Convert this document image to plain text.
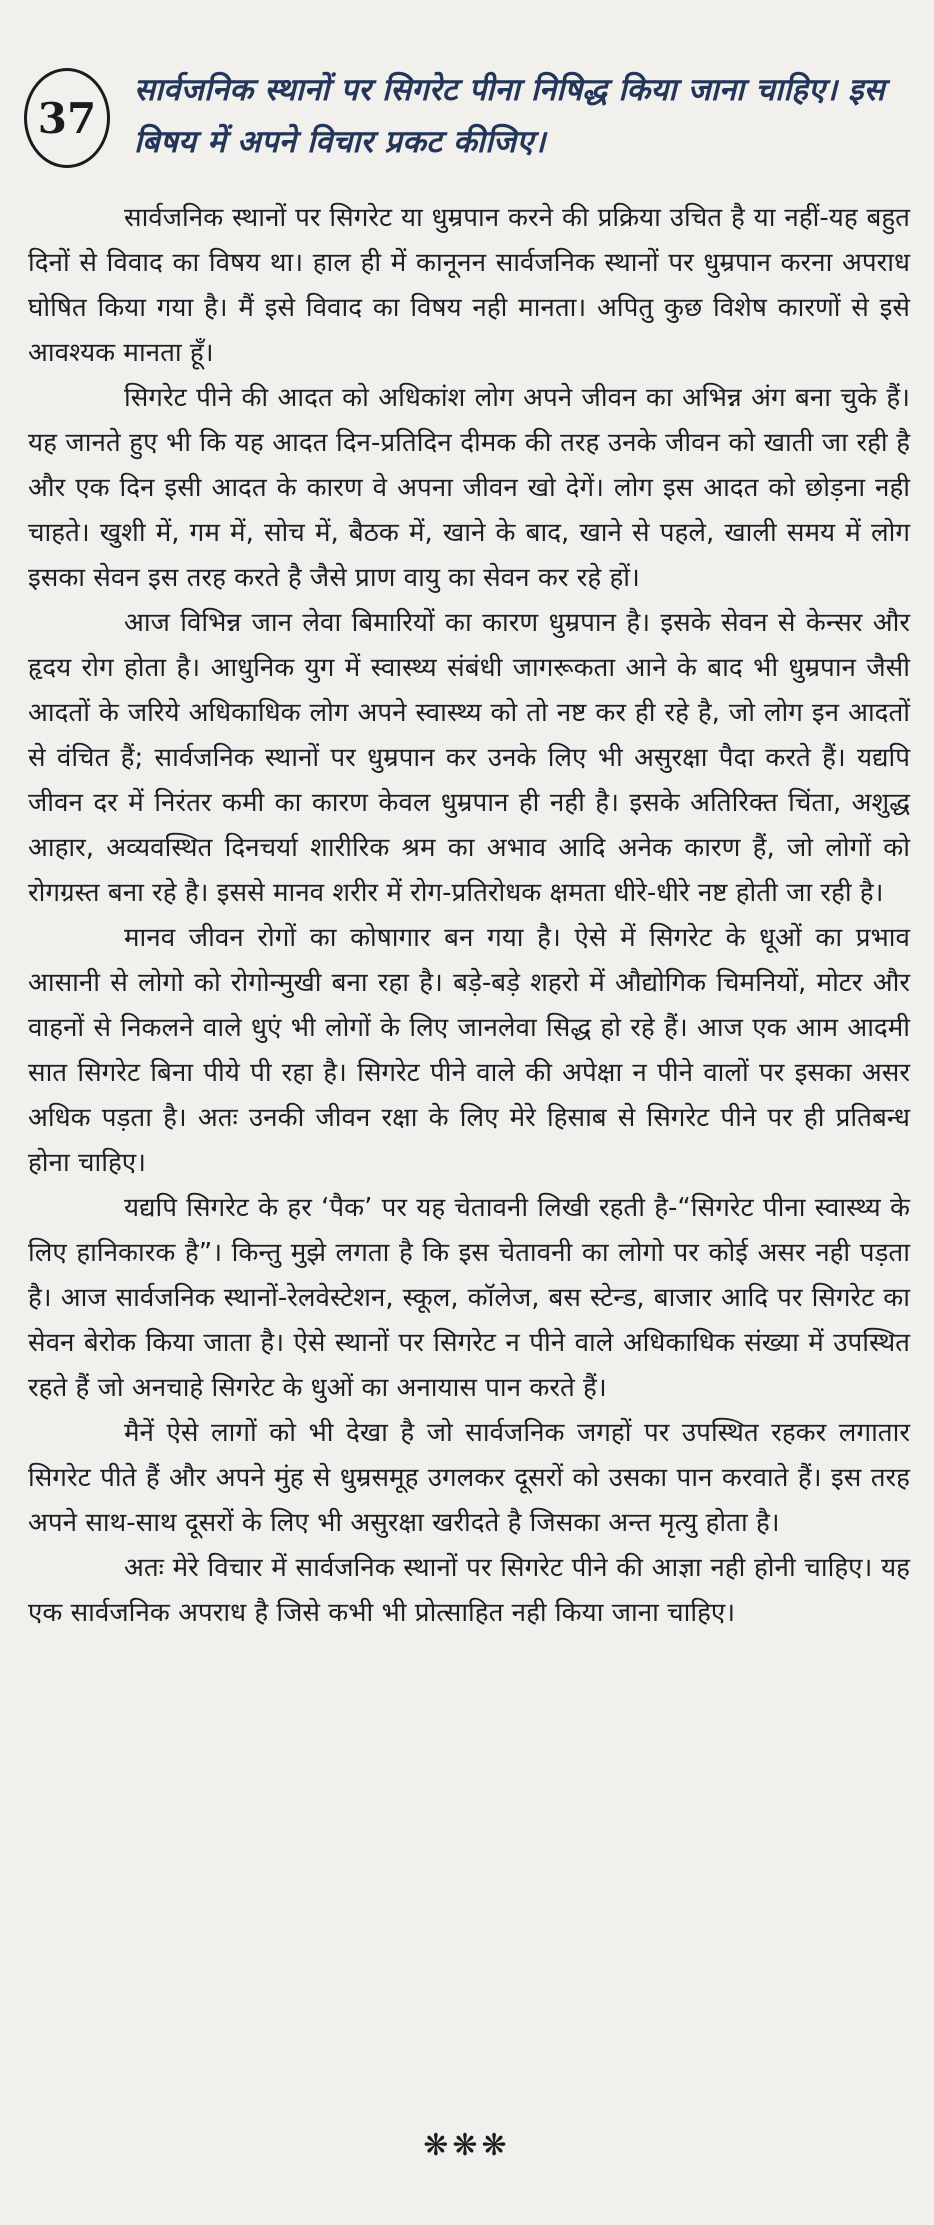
37
सार्वजनिक स्थानों पर सिगरेट पीना निषिद्ध किया जाना चाहिए। इस बिषय में अपने विचार प्रकट कीजिए।

सार्वजनिक स्थानों पर सिगरेट या धुम्रपान करने की प्रक्रिया उचित है या नहीं-यह बहुत दिनों से विवाद का विषय था। हाल ही में कानूनन सार्वजनिक स्थानों पर धुम्रपान करना अपराध घोषित किया गया है। मैं इसे विवाद का विषय नही मानता। अपितु कुछ विशेष कारणों से इसे आवश्यक मानता हूँ।

सिगरेट पीने की आदत को अधिकांश लोग अपने जीवन का अभिन्न अंग बना चुके हैं। यह जानते हुए भी कि यह आदत दिन-प्रतिदिन दीमक की तरह उनके जीवन को खाती जा रही है और एक दिन इसी आदत के कारण वे अपना जीवन खो देगें। लोग इस आदत को छोड़ना नही चाहते। खुशी में, गम में, सोच में, बैठक में, खाने के बाद, खाने से पहले, खाली समय में लोग इसका सेवन इस तरह करते है जैसे प्राण वायु का सेवन कर रहे हों।

आज विभिन्न जान लेवा बिमारियों का कारण धुम्रपान है। इसके सेवन से केन्सर और हृदय रोग होता है। आधुनिक युग में स्वास्थ्य संबंधी जागरूकता आने के बाद भी धुम्रपान जैसी आदतों के जरिये अधिकाधिक लोग अपने स्वास्थ्य को तो नष्ट कर ही रहे है, जो लोग इन आदतों से वंचित हैं; सार्वजनिक स्थानों पर धुम्रपान कर उनके लिए भी असुरक्षा पैदा करते हैं। यद्यपि जीवन दर में निरंतर कमी का कारण केवल धुम्रपान ही नही है। इसके अतिरिक्त चिंता, अशुद्ध आहार, अव्यवस्थित दिनचर्या शारीरिक श्रम का अभाव आदि अनेक कारण हैं, जो लोगों को रोगग्रस्त बना रहे है। इससे मानव शरीर में रोग-प्रतिरोधक क्षमता धीरे-धीरे नष्ट होती जा रही है।

मानव जीवन रोगों का कोषागार बन गया है। ऐसे में सिगरेट के धूओं का प्रभाव आसानी से लोगो को रोगोन्मुखी बना रहा है। बड़े-बड़े शहरो में औद्योगिक चिमनियों, मोटर और वाहनों से निकलने वाले धुएं भी लोगों के लिए जानलेवा सिद्ध हो रहे हैं। आज एक आम आदमी सात सिगरेट बिना पीये पी रहा है। सिगरेट पीने वाले की अपेक्षा न पीने वालों पर इसका असर अधिक पड़ता है। अतः उनकी जीवन रक्षा के लिए मेरे हिसाब से सिगरेट पीने पर ही प्रतिबन्ध होना चाहिए।

यद्यपि सिगरेट के हर ‘पैक’ पर यह चेतावनी लिखी रहती है-“सिगरेट पीना स्वास्थ्य के लिए हानिकारक है”। किन्तु मुझे लगता है कि इस चेतावनी का लोगो पर कोई असर नही पड़ता है। आज सार्वजनिक स्थानों-रेलवेस्टेशन, स्कूल, कॉलेज, बस स्टेन्ड, बाजार आदि पर सिगरेट का सेवन बेरोक किया जाता है। ऐसे स्थानों पर सिगरेट न पीने वाले अधिकाधिक संख्या में उपस्थित रहते हैं जो अनचाहे सिगरेट के धुओं का अनायास पान करते हैं।

मैनें ऐसे लागों को भी देखा है जो सार्वजनिक जगहों पर उपस्थित रहकर लगातार सिगरेट पीते हैं और अपने मुंह से धुम्रसमूह उगलकर दूसरों को उसका पान करवाते हैं। इस तरह अपने साथ-साथ दूसरों के लिए भी असुरक्षा खरीदते है जिसका अन्त मृत्यु होता है।

अतः मेरे विचार में सार्वजनिक स्थानों पर सिगरेट पीने की आज्ञा नही होनी चाहिए। यह एक सार्वजनिक अपराध है जिसे कभी भी प्रोत्साहित नही किया जाना चाहिए।

❋❋❋
